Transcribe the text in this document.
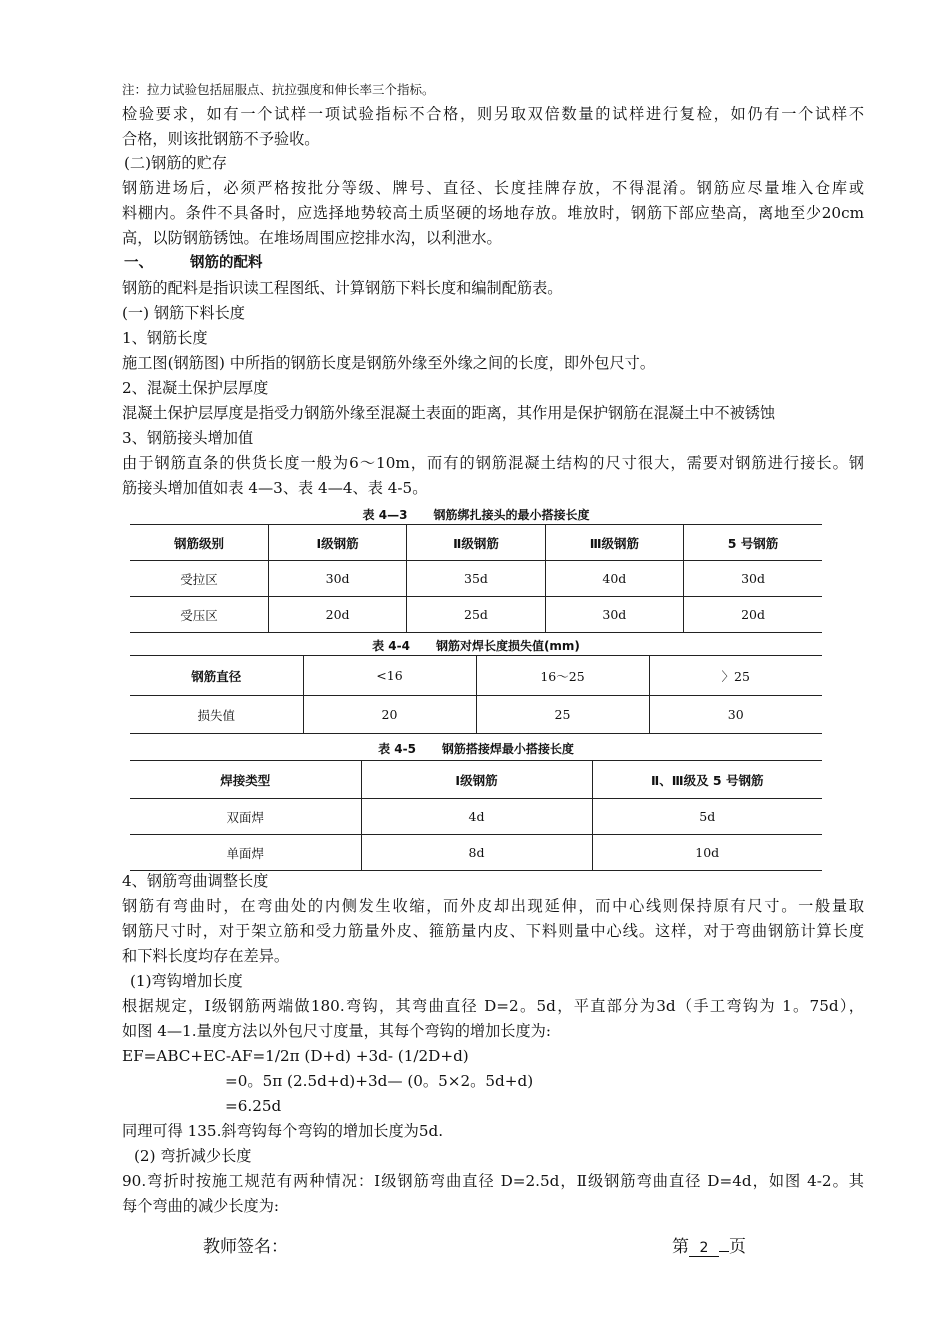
注：拉力试验包括屈服点、抗拉强度和伸长率三个指标。
检验要求，如有一个试样一项试验指标不合格，则另取双倍数量的试样进行复检，如仍有一个试样不
合格，则该批钢筋不予验收。
(二)钢筋的贮存
钢筋进场后，必须严格按批分等级、牌号、直径、长度挂牌存放，不得混淆。钢筋应尽量堆入仓库或
料棚内。条件不具备时，应选择地势较高土质坚硬的场地存放。堆放时，钢筋下部应垫高，离地至少20cm
高，以防钢筋锈蚀。在堆场周围应挖排水沟，以利泄水。
一、	钢筋的配料
钢筋的配料是指识读工程图纸、计算钢筋下料长度和编制配筋表。
(一) 钢筋下料长度
1、钢筋长度
施工图(钢筋图) 中所指的钢筋长度是钢筋外缘至外缘之间的长度，即外包尺寸。
2、混凝土保护层厚度
混凝土保护层厚度是指受力钢筋外缘至混凝土表面的距离，其作用是保护钢筋在混凝土中不被锈蚀
3、钢筋接头增加值
由于钢筋直条的供货长度一般为6～10m，而有的钢筋混凝土结构的尺寸很大，需要对钢筋进行接长。钢
筋接头增加值如表 4—3、表 4—4、表 4-5。
表 4—3 钢筋绑扎接头的最小搭接长度
钢筋级别	Ⅰ级钢筋	Ⅱ级钢筋	Ⅲ级钢筋	5 号钢筋
受拉区	30d	35d	40d	30d
受压区	20d	25d	30d	20d
表 4-4 钢筋对焊长度损失值(mm)
钢筋直径	<16	16～25	〉25
损失值	20	25	30
表 4-5 钢筋搭接焊最小搭接长度
焊接类型	Ⅰ级钢筋	Ⅱ、Ⅲ级及 5 号钢筋
双面焊	4d	5d
单面焊	8d	10d
4、钢筋弯曲调整长度
钢筋有弯曲时，在弯曲处的内侧发生收缩，而外皮却出现延伸，而中心线则保持原有尺寸。一般量取
钢筋尺寸时，对于架立筋和受力筋量外皮、箍筋量内皮、下料则量中心线。这样，对于弯曲钢筋计算长度
和下料长度均存在差异。
(1)弯钩增加长度
根据规定，Ⅰ级钢筋两端做180.弯钩，其弯曲直径 D=2。5d，平直部分为3d（手工弯钩为 1。75d），
如图 4—1.量度方法以外包尺寸度量，其每个弯钩的增加长度为:
EF=ABC+EC-AF=1/2π (D+d) +3d- (1/2D+d)
=0。5π (2.5d+d)+3d— (0。5×2。5d+d)
=6.25d
同理可得 135.斜弯钩每个弯钩的增加长度为5d.
(2) 弯折减少长度
90.弯折时按施工规范有两种情况：Ⅰ级钢筋弯曲直径 D=2.5d，Ⅱ级钢筋弯曲直径 D=4d，如图 4-2。其
每个弯曲的减少长度为:
教师签名：	第 2 页
